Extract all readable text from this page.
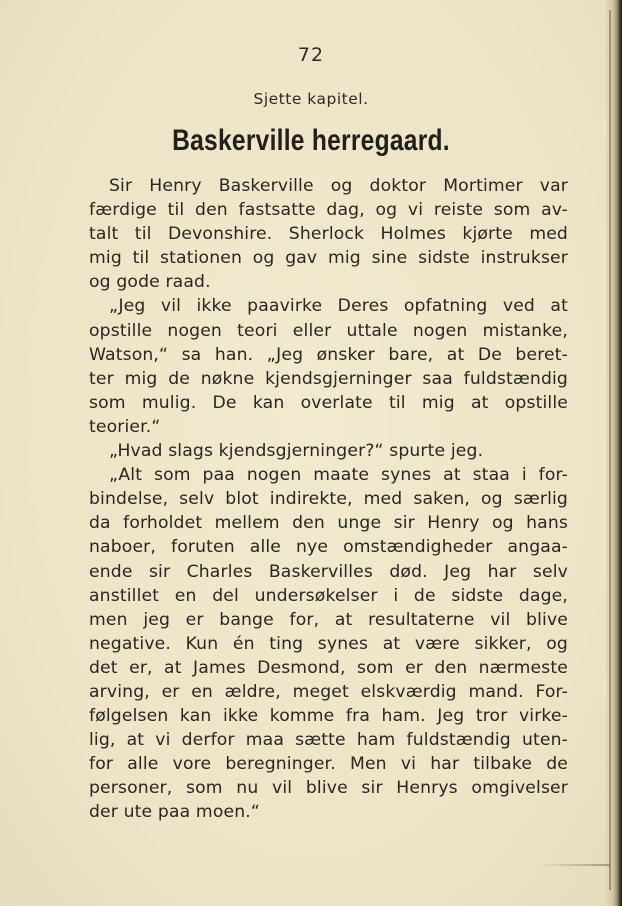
72
Sjette kapitel.
Baskerville herregaard.
Sir Henry Baskerville og doktor Mortimer var
færdige til den fastsatte dag, og vi reiste som av-
talt til Devonshire. Sherlock Holmes kjørte med
mig til stationen og gav mig sine sidste instrukser
og gode raad.
„Jeg vil ikke paavirke Deres opfatning ved at
opstille nogen teori eller uttale nogen mistanke,
Watson,“ sa han. „Jeg ønsker bare, at De beret-
ter mig de nøkne kjendsgjerninger saa fuldstændig
som mulig. De kan overlate til mig at opstille
teorier.“
„Hvad slags kjendsgjerninger?“ spurte jeg.
„Alt som paa nogen maate synes at staa i for-
bindelse, selv blot indirekte, med saken, og særlig
da forholdet mellem den unge sir Henry og hans
naboer, foruten alle nye omstændigheder angaa-
ende sir Charles Baskervilles død. Jeg har selv
anstillet en del undersøkelser i de sidste dage,
men jeg er bange for, at resultaterne vil blive
negative. Kun én ting synes at være sikker, og
det er, at James Desmond, som er den nærmeste
arving, er en ældre, meget elskværdig mand. For-
følgelsen kan ikke komme fra ham. Jeg tror virke-
lig, at vi derfor maa sætte ham fuldstændig uten-
for alle vore beregninger. Men vi har tilbake de
personer, som nu vil blive sir Henrys omgivelser
der ute paa moen.“
